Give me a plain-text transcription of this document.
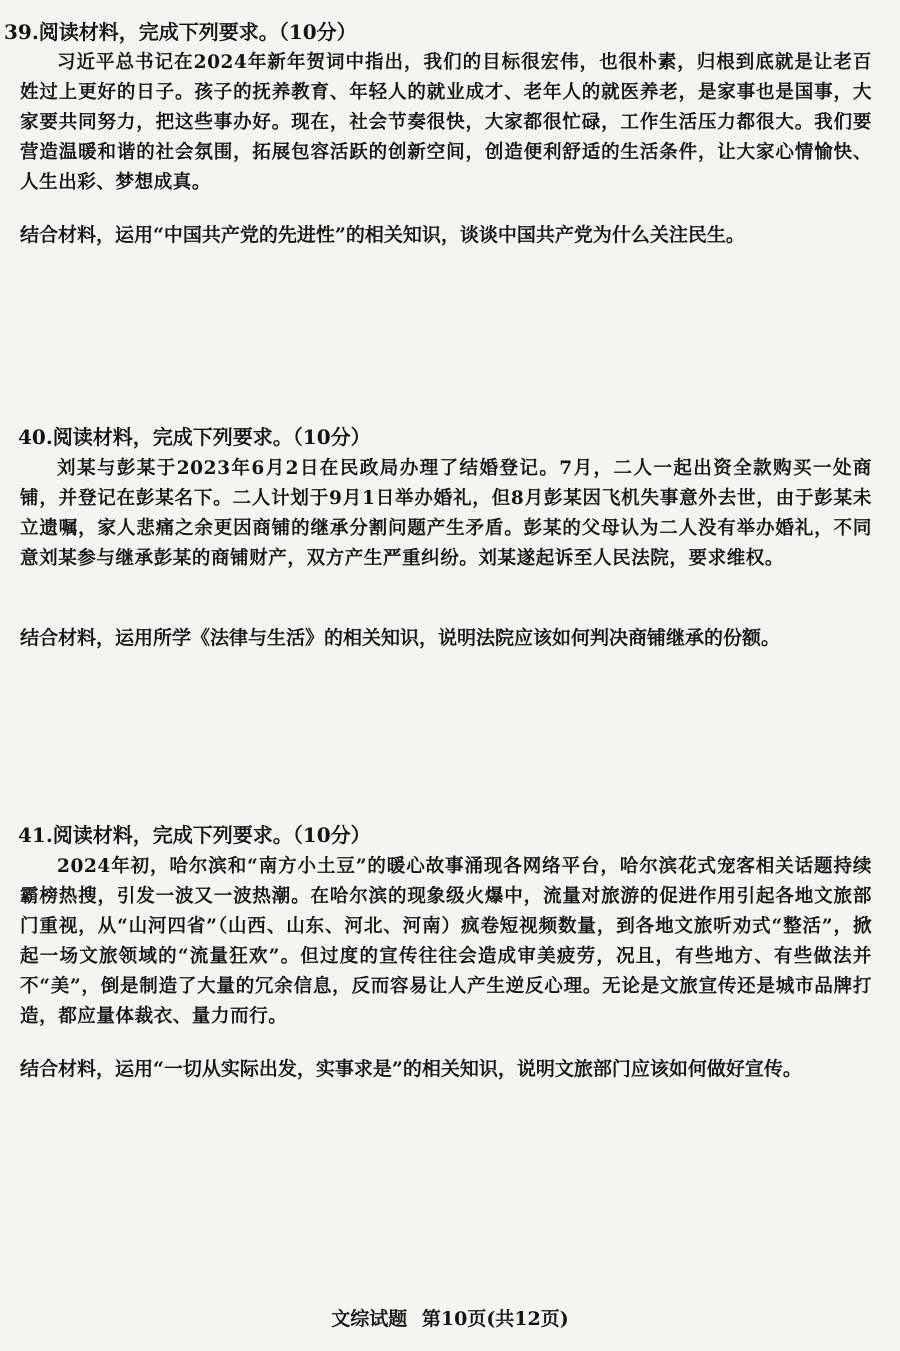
39.阅读材料，完成下列要求。（10分）

习近平总书记在2024年新年贺词中指出，我们的目标很宏伟，也很朴素，归根到底就是让老百姓过上更好的日子。孩子的抚养教育、年轻人的就业成才、老年人的就医养老，是家事也是国事，大家要共同努力，把这些事办好。现在，社会节奏很快，大家都很忙碌，工作生活压力都很大。我们要营造温暖和谐的社会氛围，拓展包容活跃的创新空间，创造便利舒适的生活条件，让大家心情愉快、人生出彩、梦想成真。

结合材料，运用“中国共产党的先进性”的相关知识，谈谈中国共产党为什么关注民生。
40.阅读材料，完成下列要求。（10分）

刘某与彭某于2023年6月2日在民政局办理了结婚登记。7月，二人一起出资全款购买一处商铺，并登记在彭某名下。二人计划于9月1日举办婚礼，但8月彭某因飞机失事意外去世，由于彭某未立遗嘱，家人悲痛之余更因商铺的继承分割问题产生矛盾。彭某的父母认为二人没有举办婚礼，不同意刘某参与继承彭某的商铺财产，双方产生严重纠纷。刘某遂起诉至人民法院，要求维权。

结合材料，运用所学《法律与生活》的相关知识，说明法院应该如何判决商铺继承的份额。
41.阅读材料，完成下列要求。（10分）

2024年初，哈尔滨和“南方小土豆”的暖心故事涌现各网络平台，哈尔滨花式宠客相关话题持续霸榜热搜，引发一波又一波热潮。在哈尔滨的现象级火爆中，流量对旅游的促进作用引起各地文旅部门重视，从“山河四省”（山西、山东、河北、河南）疯卷短视频数量，到各地文旅听劝式“整活”，掀起一场文旅领域的“流量狂欢”。但过度的宣传往往会造成审美疲劳，况且，有些地方、有些做法并不“美”，倒是制造了大量的冗余信息，反而容易让人产生逆反心理。无论是文旅宣传还是城市品牌打造，都应量体裁衣、量力而行。

结合材料，运用“一切从实际出发，实事求是”的相关知识，说明文旅部门应该如何做好宣传。
文综试题 第10页(共12页)
